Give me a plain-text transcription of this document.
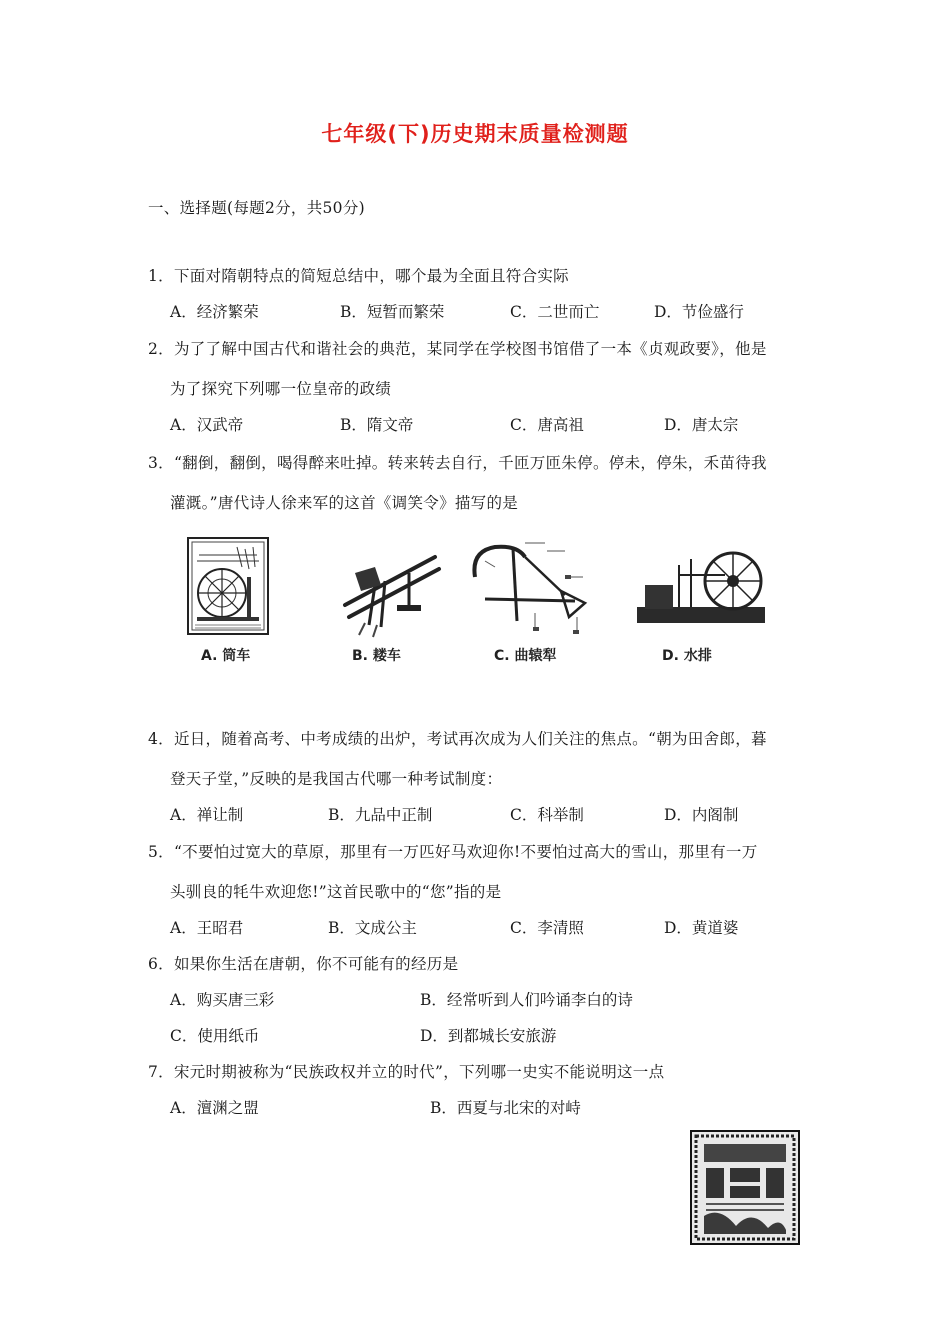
七年级(下)历史期末质量检测题
一、选择题(每题2分，共50分)
1．下面对隋朝特点的简短总结中，哪个最为全面且符合实际
A．经济繁荣	B．短暂而繁荣	C．二世而亡	D．节俭盛行
2．为了了解中国古代和谐社会的典范，某同学在学校图书馆借了一本《贞观政要》，他是
为了探究下列哪一位皇帝的政绩
A．汉武帝	B．隋文帝	C．唐高祖	D．唐太宗
3．“翻倒，翻倒，喝得醉来吐掉。转来转去自行，千匝万匝朱停。停未，停朱，禾苗待我
灌溉。”唐代诗人徐来军的这首《调笑令》描写的是
A. 筒车	B. 耧车	C. 曲辕犁	D. 水排
4．近日，随着高考、中考成绩的出炉，考试再次成为人们关注的焦点。“朝为田舍郎，暮
登天子堂，”反映的是我国古代哪一种考试制度：
A．禅让制	B．九品中正制	C．科举制	D．内阁制
5．“不要怕过宽大的草原，那里有一万匹好马欢迎你!不要怕过高大的雪山，那里有一万
头驯良的牦牛欢迎您!”这首民歌中的“您”指的是
A．王昭君	B．文成公主	C．李清照	D．黄道婆
6．如果你生活在唐朝，你不可能有的经历是
A．购买唐三彩	B．经常听到人们吟诵李白的诗
C．使用纸币	D．到都城长安旅游
7．宋元时期被称为“民族政权并立的时代”，下列哪一史实不能说明这一点
A．澶渊之盟	B．西夏与北宋的对峙
